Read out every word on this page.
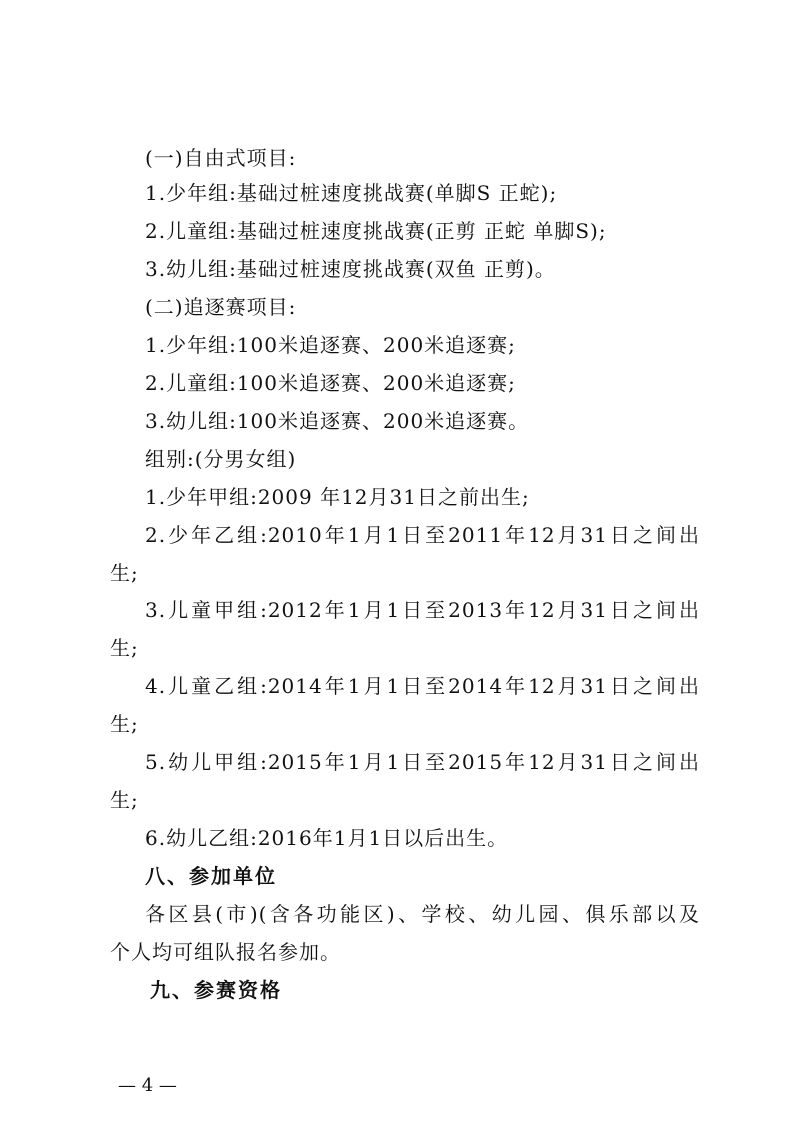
(一)自由式项目:

1.少年组:基础过桩速度挑战赛(单脚S 正蛇);

2.儿童组:基础过桩速度挑战赛(正剪 正蛇 单脚S);

3.幼儿组:基础过桩速度挑战赛(双鱼 正剪)。

(二)追逐赛项目:

1.少年组:100米追逐赛、200米追逐赛;

2.儿童组:100米追逐赛、200米追逐赛;

3.幼儿组:100米追逐赛、200米追逐赛。

组别:(分男女组)

1.少年甲组:2009 年12月31日之前出生;

2.少年乙组:2010年1月1日至2011年12月31日之间出

生;

3.儿童甲组:2012年1月1日至2013年12月31日之间出

生;

4.儿童乙组:2014年1月1日至2014年12月31日之间出

生;

5.幼儿甲组:2015年1月1日至2015年12月31日之间出

生;

6.幼儿乙组:2016年1月1日以后出生。

八、参加单位

各区县(市)(含各功能区)、学校、幼儿园、俱乐部以及

个人均可组队报名参加。

九、参赛资格

— 4 —
